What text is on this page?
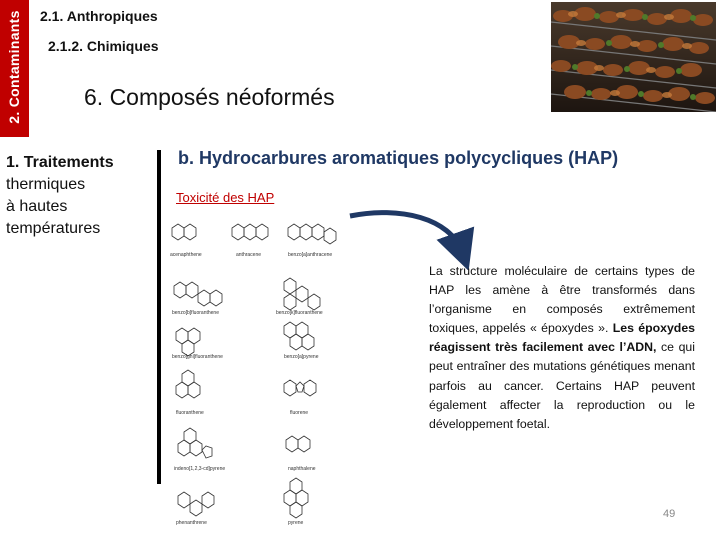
2. Contaminants	2.1. Anthropiques
2.1.2. Chimiques
6. Composés néoformés
1. Traitements
thermiques
à hautes
températures
b. Hydrocarbures aromatiques polycycliques (HAP)
Toxicité des HAP
acenaphthene	anthracene	benzo[a]anthracene
benzo[b]fluoranthene	benzo[k]fluoranthene
benzo[ghi]fluoranthene	benzo[a]pyrene
fluoranthene	fluorene
indeno[1,2,3-cd]pyrene	naphthalene
phenanthrene	pyrene
La structure moléculaire de certains types de HAP les amène à être transformés dans l’organisme en composés extrêmement toxiques, appelés « époxydes ». Les époxydes réagissent très facilement avec l’ADN, ce qui peut entraîner des mutations génétiques menant parfois au cancer. Certains HAP peuvent également affecter la reproduction ou le développement foetal.
49
